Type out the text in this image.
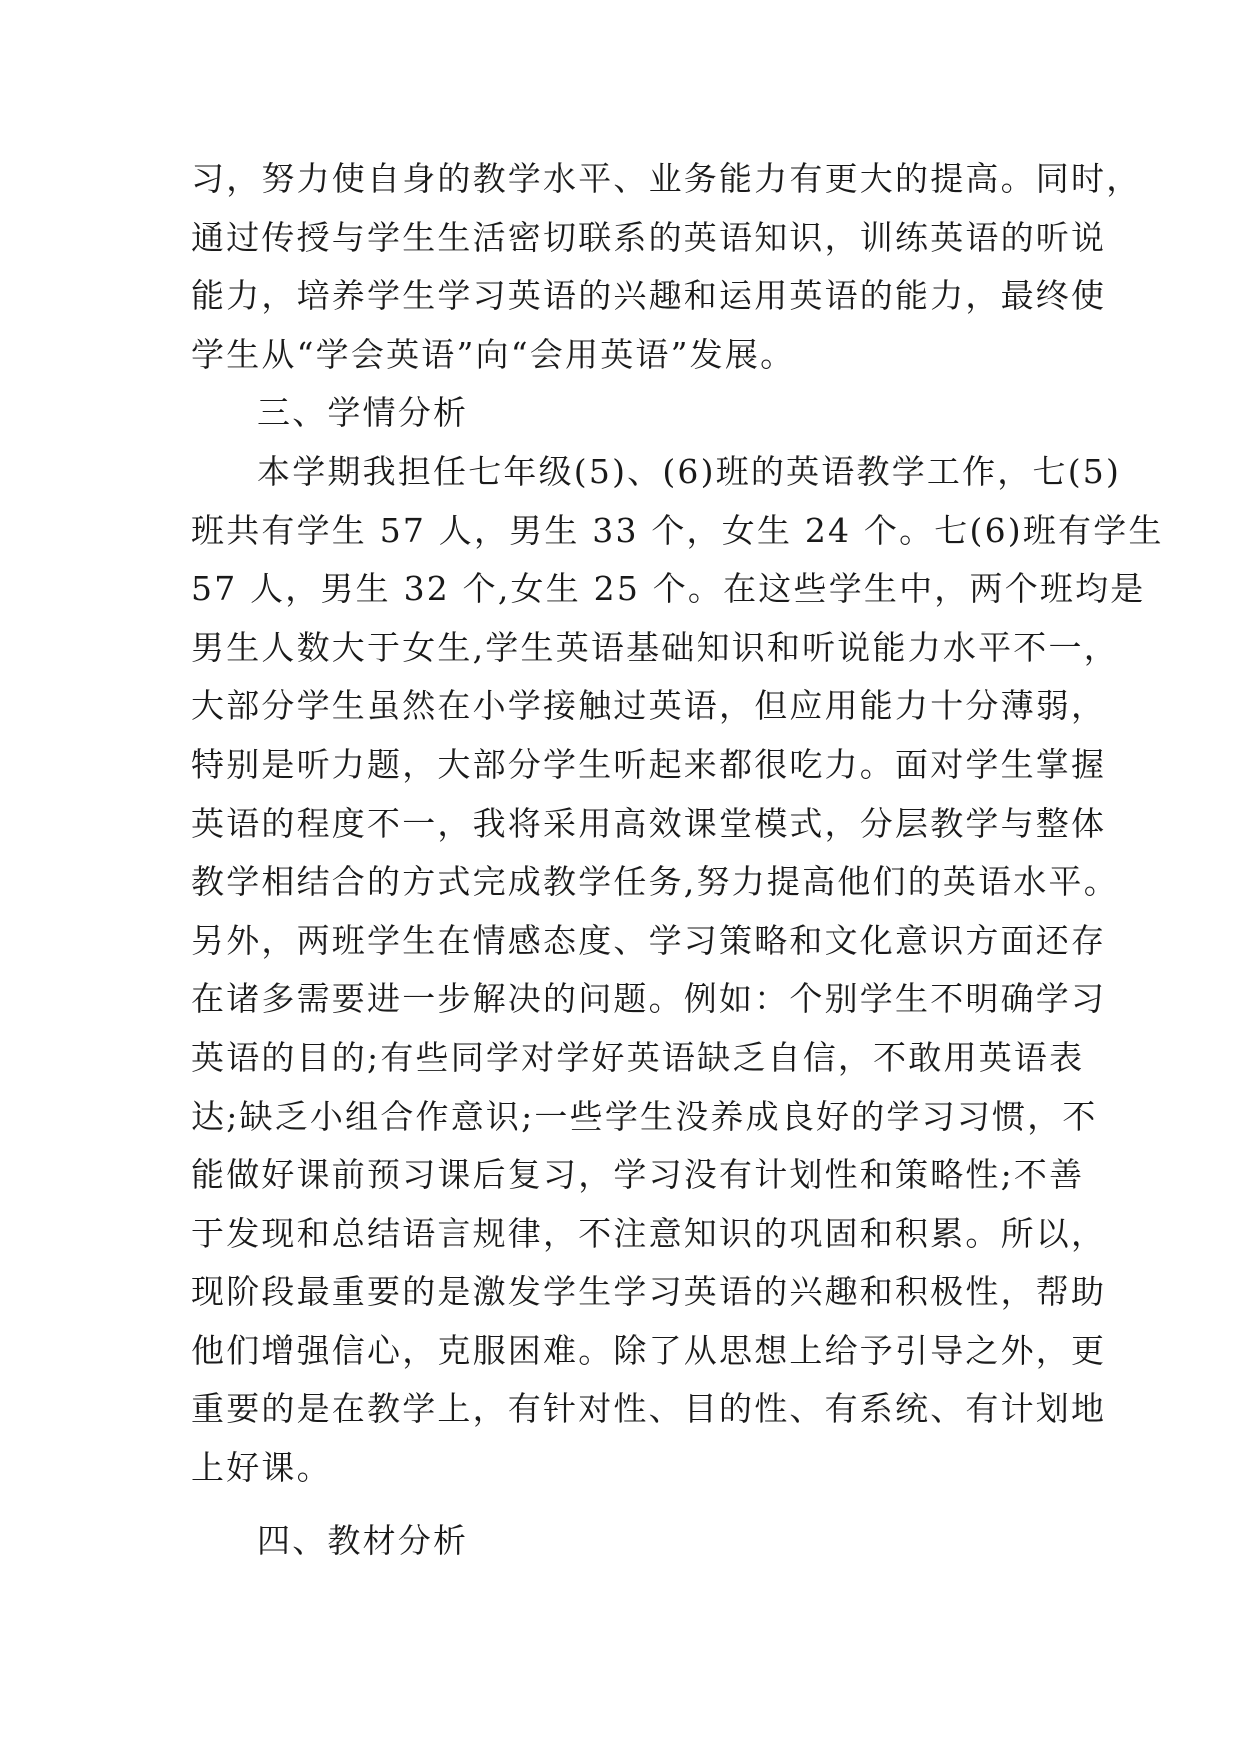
习，努力使自身的教学水平、业务能力有更大的提高。同时，
通过传授与学生生活密切联系的英语知识，训练英语的听说
能力，培养学生学习英语的兴趣和运用英语的能力，最终使
学生从“学会英语”向“会用英语”发展。
三、学情分析
本学期我担任七年级(5)、(6)班的英语教学工作，七(5)
班共有学生 57 人，男生 33 个，女生 24 个。七(6)班有学生
57 人，男生 32 个,女生 25 个。在这些学生中，两个班均是
男生人数大于女生,学生英语基础知识和听说能力水平不一，
大部分学生虽然在小学接触过英语，但应用能力十分薄弱，
特别是听力题，大部分学生听起来都很吃力。面对学生掌握
英语的程度不一，我将采用高效课堂模式，分层教学与整体
教学相结合的方式完成教学任务,努力提高他们的英语水平。
另外，两班学生在情感态度、学习策略和文化意识方面还存
在诸多需要进一步解决的问题。例如：个别学生不明确学习
英语的目的;有些同学对学好英语缺乏自信，不敢用英语表
达;缺乏小组合作意识;一些学生没养成良好的学习习惯，不
能做好课前预习课后复习，学习没有计划性和策略性;不善
于发现和总结语言规律，不注意知识的巩固和积累。所以，
现阶段最重要的是激发学生学习英语的兴趣和积极性，帮助
他们增强信心，克服困难。除了从思想上给予引导之外，更
重要的是在教学上，有针对性、目的性、有系统、有计划地
上好课。
四、教材分析
